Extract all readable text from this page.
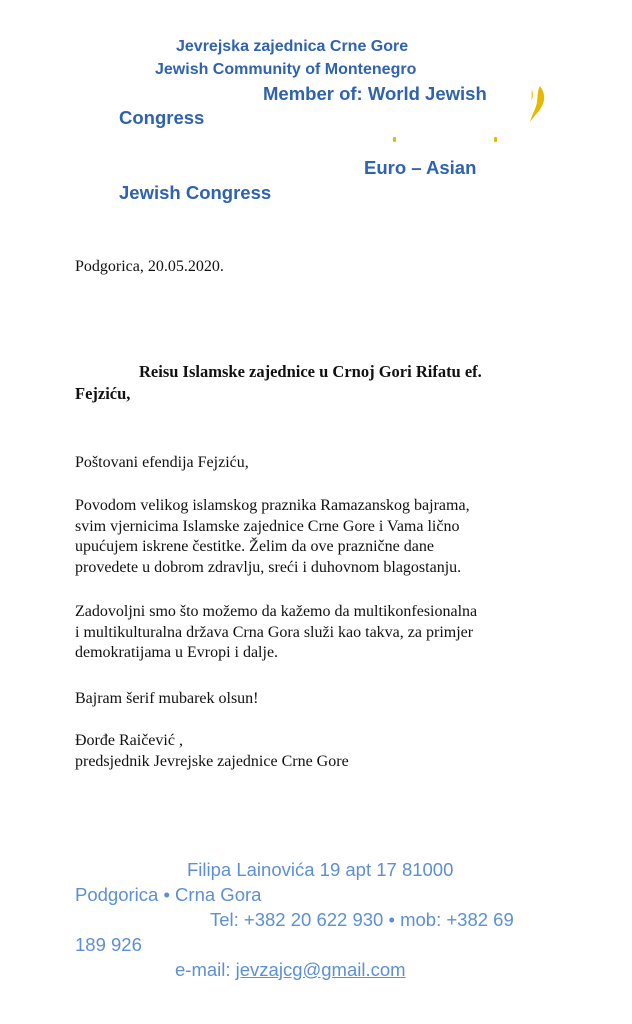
Jevrejska zajednica Crne Gore
Jewish Community of Montenegro
Member of: World Jewish
Congress
Euro – Asian
Jewish Congress
Podgorica, 20.05.2020.
Reisu Islamske zajednice u Crnoj Gori Rifatu ef.
Fejziću,
Poštovani efendija Fejziću,
Povodom velikog islamskog praznika Ramazanskog bajrama,
svim vjernicima Islamske zajednice Crne Gore i Vama lično
upućujem iskrene čestitke. Želim da ove praznične dane
provedete u dobrom zdravlju, sreći i duhovnom blagostanju.
Zadovoljni smo što možemo da kažemo da multikonfesionalna
i multikulturalna država Crna Gora služi kao takva, za primjer
demokratijama u Evropi i dalje.
Bajram šerif mubarek olsun!
Đorđe Raičević ,
predsjednik Jevrejske zajednice Crne Gore
Filipa Lainovića 19 apt 17 81000
Podgorica • Crna Gora
Tel: +382 20 622 930 • mob: +382 69
189 926
e-mail: jevzajcg@gmail.com
